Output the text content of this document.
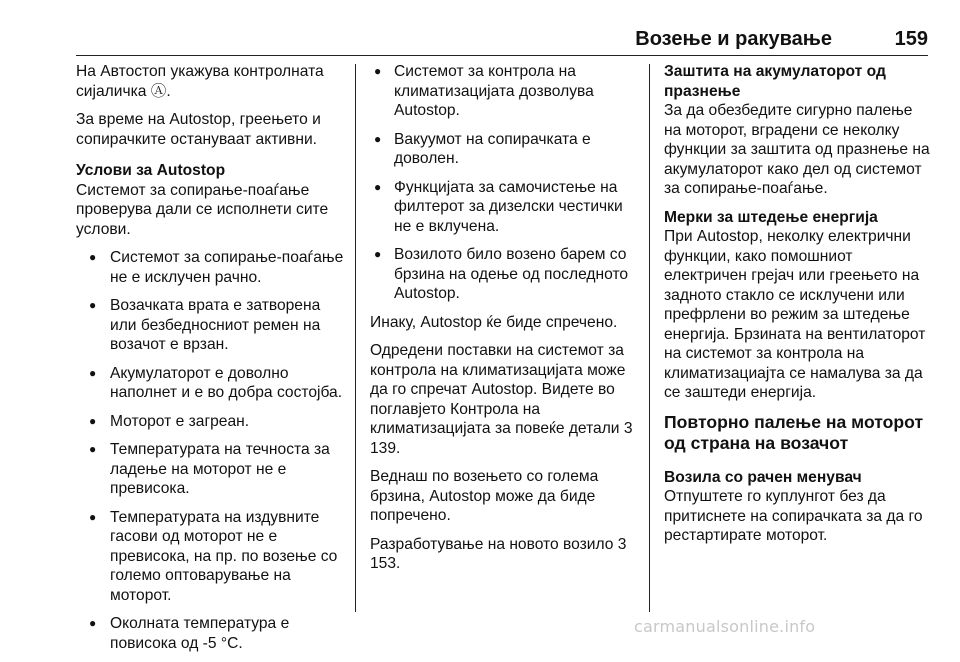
Возење и ракување	159

На Автостоп укажува контролната сијаличка Ⓐ.

За време на Autostop, греењето и сопирачките остануваат активни.

Услови за Autostop

Системот за сопирање-поаѓање проверува дали се исполнети сите услови.

● Системот за сопирање-поаѓање не е исклучен рачно.
● Возачката врата е затворена или безбедносниот ремен на возачот е врзан.
● Акумулаторот е доволно наполнет и е во добра состојба.
● Моторот е загреан.
● Температурата на течноста за ладење на моторот не е превисока.
● Температурата на издувните гасови од моторот не е превисока, на пр. по возење со големо оптоварување на моторот.
● Околната температура е повисока од -5 °C.
● Системот за контрола на климатизацијата дозволува Autostop.
● Вакуумот на сопирачката е доволен.
● Функцијата за самочистење на филтерот за дизелски честички не е вклучена.
● Возилото било возено барем со брзина на одење од последното Autostop.

Инаку, Autostop ќе биде спречено.

Одредени поставки на системот за контрола на климатизацијата може да го спречат Autostop. Видете во поглавјето Контрола на климатизацијата за повеќе детали 3 139.

Веднаш по возењето со голема брзина, Autostop може да биде попречено.

Разработување на новото возило 3 153.

Заштита на акумулаторот од празнење

За да обезбедите сигурно палење на моторот, вградени се неколку функции за заштита од празнење на акумулаторот како дел од системот за сопирање-поаѓање.

Мерки за штедење енергија

При Autostop, неколку електрични функции, како помошниот електричен грејач или греењето на задното стакло се исклучени или префрлени во режим за штедење енергија. Брзината на вентилаторот на системот за контрола на климатизациајта се намалува за да се заштеди енергија.

Повторно палење на моторот од страна на возачот

Возила со рачен менувач

Отпуштете го куплунгот без да притиснете на сопирачката за да го рестартирате моторот.

carmanualsonline.info
